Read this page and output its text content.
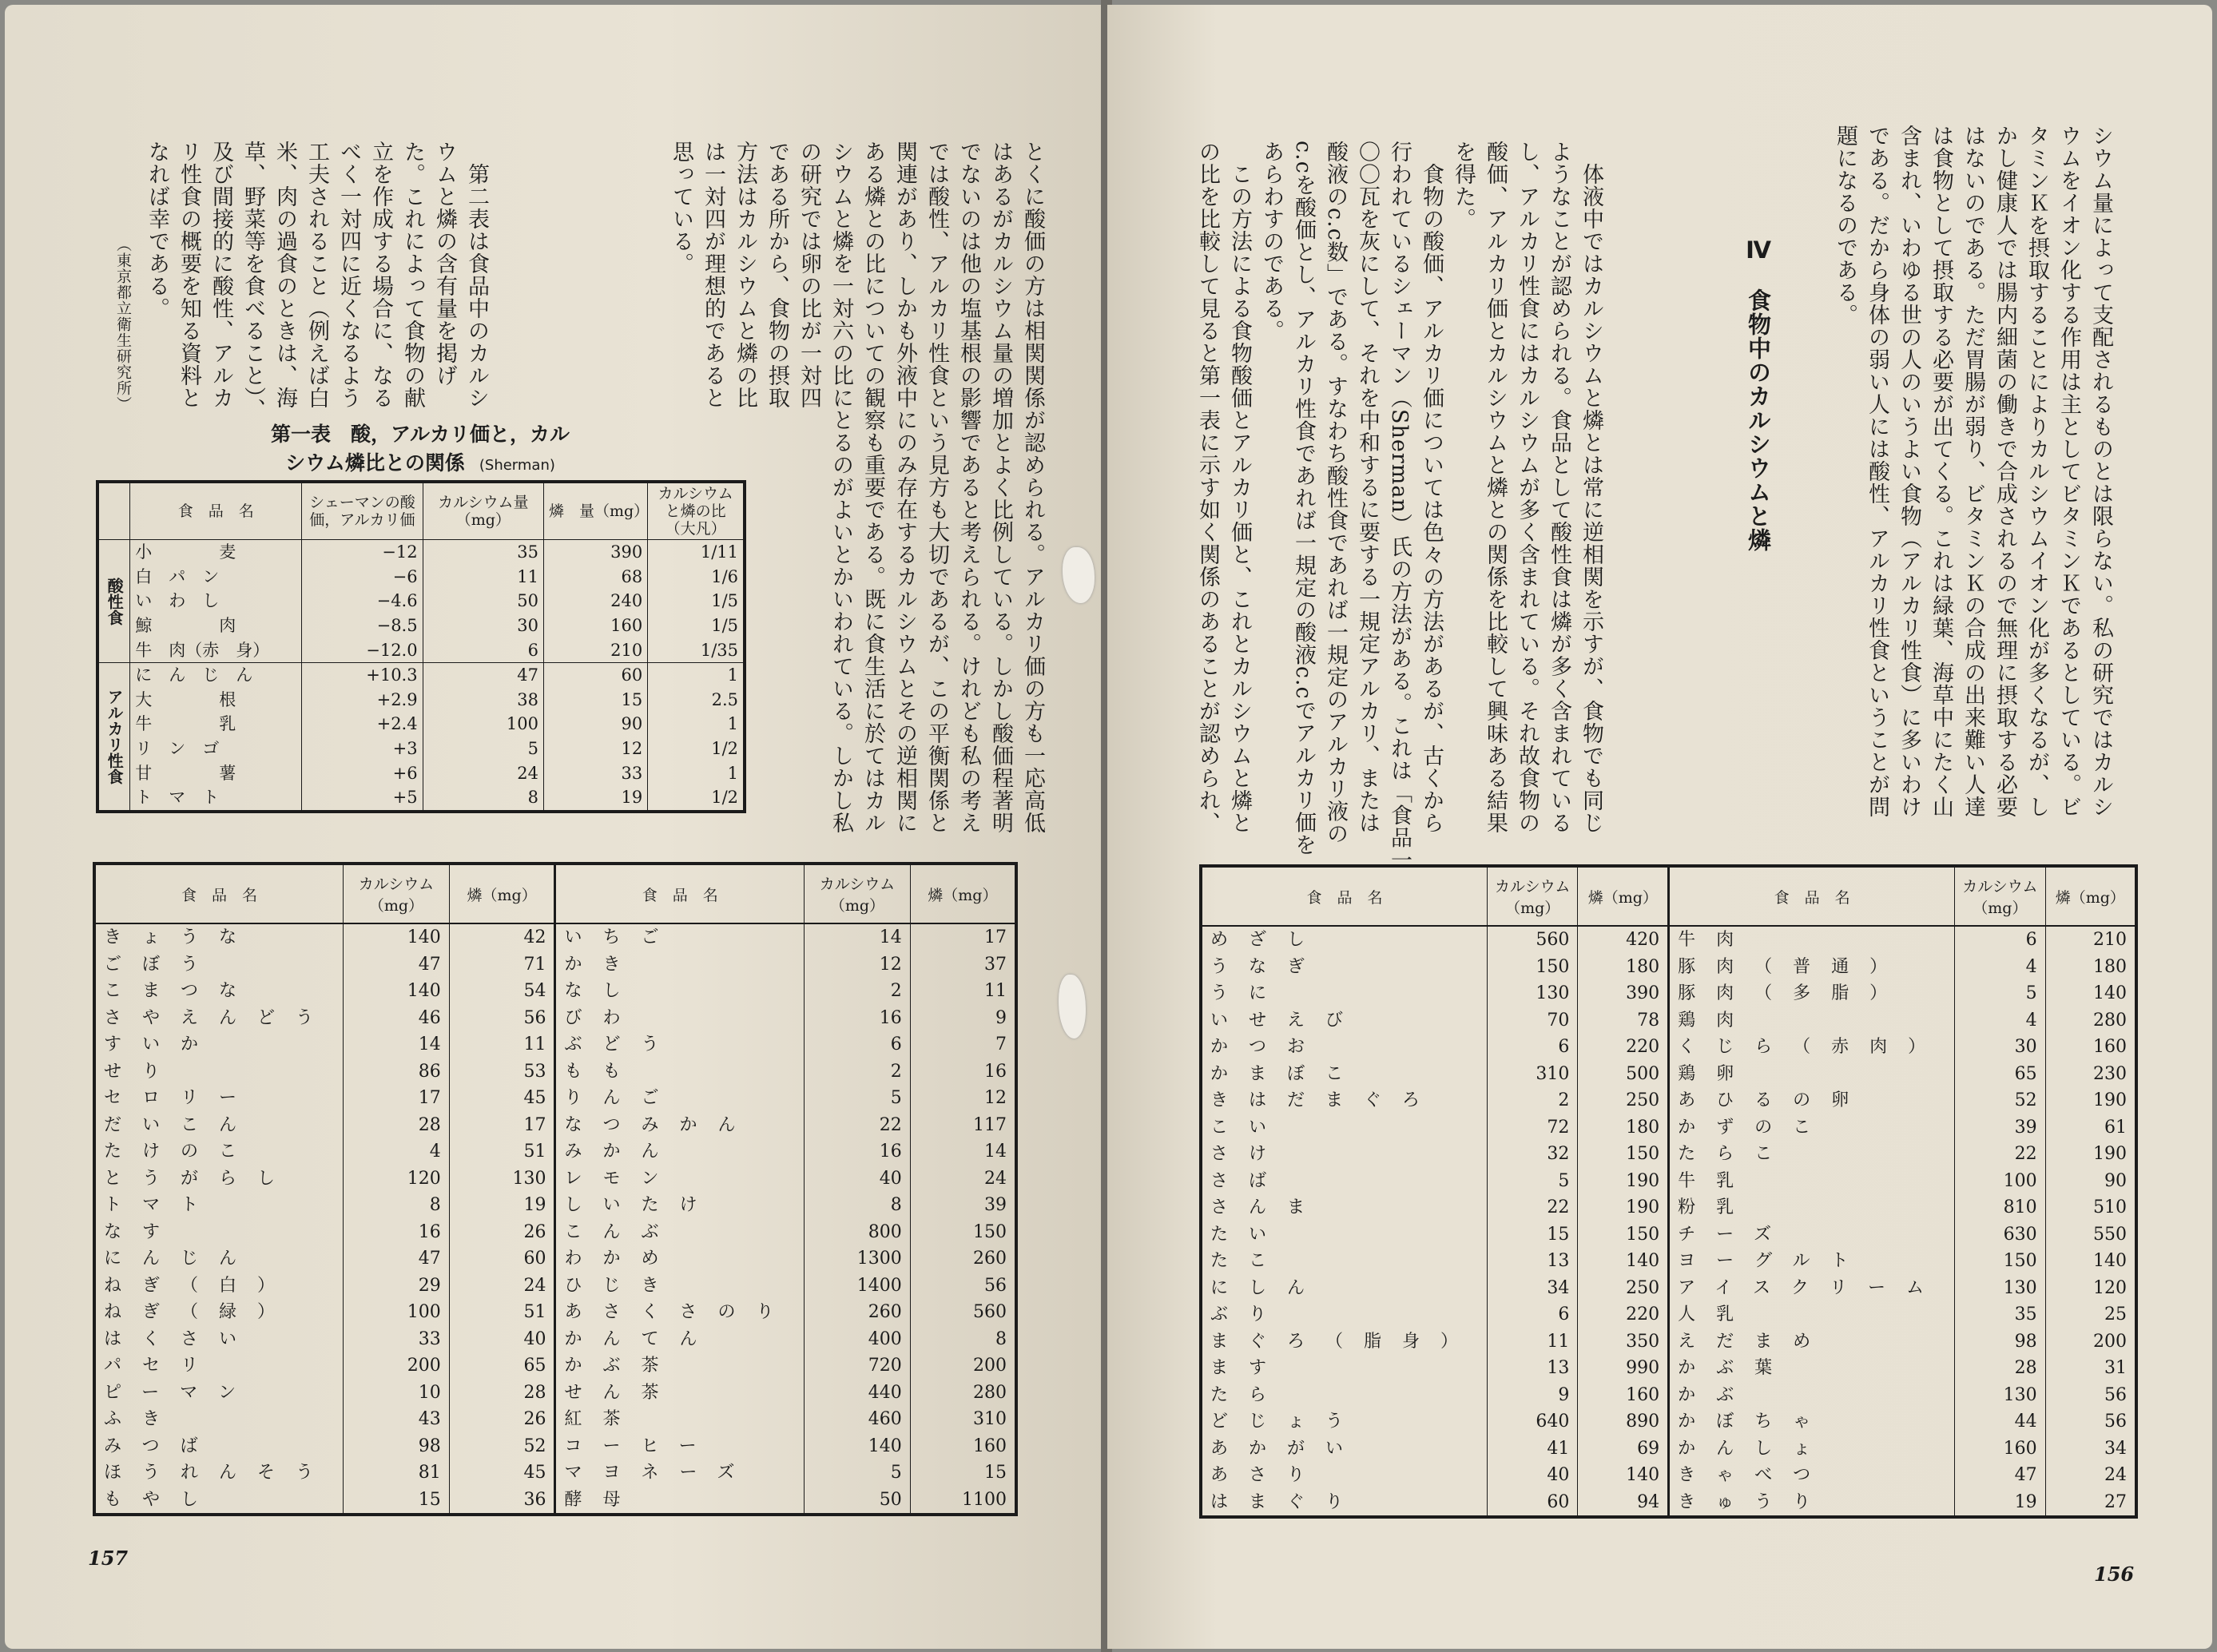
とくに酸価の方は相関関係が認められる。アルカリ価の方も一応高低
はあるがカルシウム量の増加とよく比例している。しかし酸価程著明
でないのは他の塩基根の影響であると考えられる。けれども私の考え
では酸性、アルカリ性食という見方も大切であるが、この平衡関係と
関連があり、しかも外液中にのみ存在するカルシウムとその逆相関に
ある燐との比についての観察も重要である。既に食生活に於てはカル
シウムと燐を一対六の比にとるのがよいとかいわれている。しかし私
の研究では卵の比が一対四
である所から、食物の摂取
方法はカルシウムと燐の比
は一対四が理想的であると
思っている。
　第二表は食品中のカルシ
ウムと燐の含有量を掲げ
た。これによって食物の献
立を作成する場合に、なる
べく一対四に近くなるよう
工夫されること（例えば白
米、肉の過食のときは、海
草、野菜等を食べること）、
及び間接的に酸性、アルカ
リ性食の概要を知る資料と
なれば幸である。
（東京都立衛生研究所）
第一表　酸，アルカリ価と，カル
シウム燐比との関係 (Sherman)
	食　品　名	シェーマンの酸価，アルカリ価	カルシウム量（mg）	燐　量（mg）	カルシウムと燐の比（大凡）
酸性食	小　　　　麦	−12	35	390	1/11
	白　パ　ン	−6	11	68	1/6
	い　わ　し	−4.6	50	240	1/5
	鯨　　　　肉	−8.5	30	160	1/5
	牛　肉（赤　身）	−12.0	6	210	1/35
アルカリ性食	に　ん　じ　ん	+10.3	47	60	1
	大　　　　根	+2.9	38	15	2.5
	牛　　　　乳	+2.4	100	90	1
	リ　ン　ゴ	+3	5	12	1/2
	甘　　　　薯	+6	24	33	1
	ト　マ　ト	+5	8	19	1/2
食　品　名	カルシウム（mg）	燐（mg）	食　品　名	カルシウム（mg）	燐（mg）
きょうな	140	42	いちご	14	17
ごぼう	47	71	かき	12	37
こまつな	140	54	なし	2	11
さやえんどう	46	56	びわ	16	9
すいか	14	11	ぶどう	6	7
せり	86	53	もも	2	16
セロリー	17	45	りんご	5	12
だいこん	28	17	なつみかん	22	117
たけのこ	4	51	みかん	16	14
とうがらし	120	130	レモン	40	24
トマト	8	19	しいたけ	8	39
なす	16	26	こんぶ	800	150
にんじん	47	60	わかめ	1300	260
ねぎ（白）	29	24	ひじき	1400	56
ねぎ（緑）	100	51	あさくさのり	260	560
はくさい	33	40	かんてん	400	8
パセリ	200	65	かぶ茶	720	200
ピーマン	10	28	せん茶	440	280
ふき	43	26	紅茶	460	310
みつば	98	52	コーヒー	140	160
ほうれんそう	81	45	マヨネーズ	5	15
もやし	15	36	酵母	50	1100
157
シウム量によって支配されるものとは限らない。私の研究ではカルシ
ウムをイオン化する作用は主としてビタミンＫであるとしている。ビ
タミンＫを摂取することによりカルシウムイオン化が多くなるが、し
かし健康人では腸内細菌の働きで合成されるので無理に摂取する必要
はないのである。ただ胃腸が弱り、ビタミンＫの合成の出来難い人達
は食物として摂取する必要が出てくる。これは緑葉、海草中にたく山
含まれ、いわゆる世の人のいうよい食物（アルカリ性食）に多いわけ
である。だから身体の弱い人には酸性、アルカリ性食ということが問
題になるのである。
Ⅳ　食物中のカルシウムと燐
　体液中ではカルシウムと燐とは常に逆相関を示すが、食物でも同じ
ようなことが認められる。食品として酸性食は燐が多く含まれている
し、アルカリ性食にはカルシウムが多く含まれている。それ故食物の
酸価、アルカリ価とカルシウムと燐との関係を比較して興味ある結果
を得た。
　食物の酸価、アルカリ価については色々の方法があるが、古くから
行われているシェーマン（Sherman）氏の方法がある。これは「食品一
〇〇瓦を灰にして、それを中和するに要する一規定アルカリ、または
酸液のc.c数」である。すなわち酸性食であれば一規定のアルカリ液の
c.cを酸価とし、アルカリ性食であれば一規定の酸液c.cでアルカリ価を
あらわすのである。
　この方法による食物酸価とアルカリ価と、これとカルシウムと燐と
の比を比較して見ると第一表に示す如く関係のあることが認められ、
食　品　名	カルシウム（mg）	燐（mg）	食　品　名	カルシウム（mg）	燐（mg）
めざし	560	420	牛肉	6	210
うなぎ	150	180	豚肉（普通）	4	180
うに	130	390	豚肉（多脂）	5	140
いせえび	70	78	鶏肉	4	280
かつお	6	220	くじら（赤肉）	30	160
かまぼこ	310	500	鶏卵	65	230
きはだまぐろ	2	250	あひるの卵	52	190
こい	72	180	かずのこ	39	61
さけ	32	150	たらこ	22	190
さば	5	190	牛乳	100	90
さんま	22	190	粉乳	810	510
たい	15	150	チーズ	630	550
たこ	13	140	ヨーグルト	150	140
にしん	34	250	アイスクリーム	130	120
ぶり	6	220	人乳	35	25
まぐろ（脂身）	11	350	えだまめ	98	200
ます	13	990	かぶ葉	28	31
たら	9	160	かぶ	130	56
どじょう	640	890	かぼちゃ	44	56
あかがい	41	69	かんしょ	160	34
あさり	40	140	きゃべつ	47	24
はまぐり	60	94	きゅうり	19	27
156
